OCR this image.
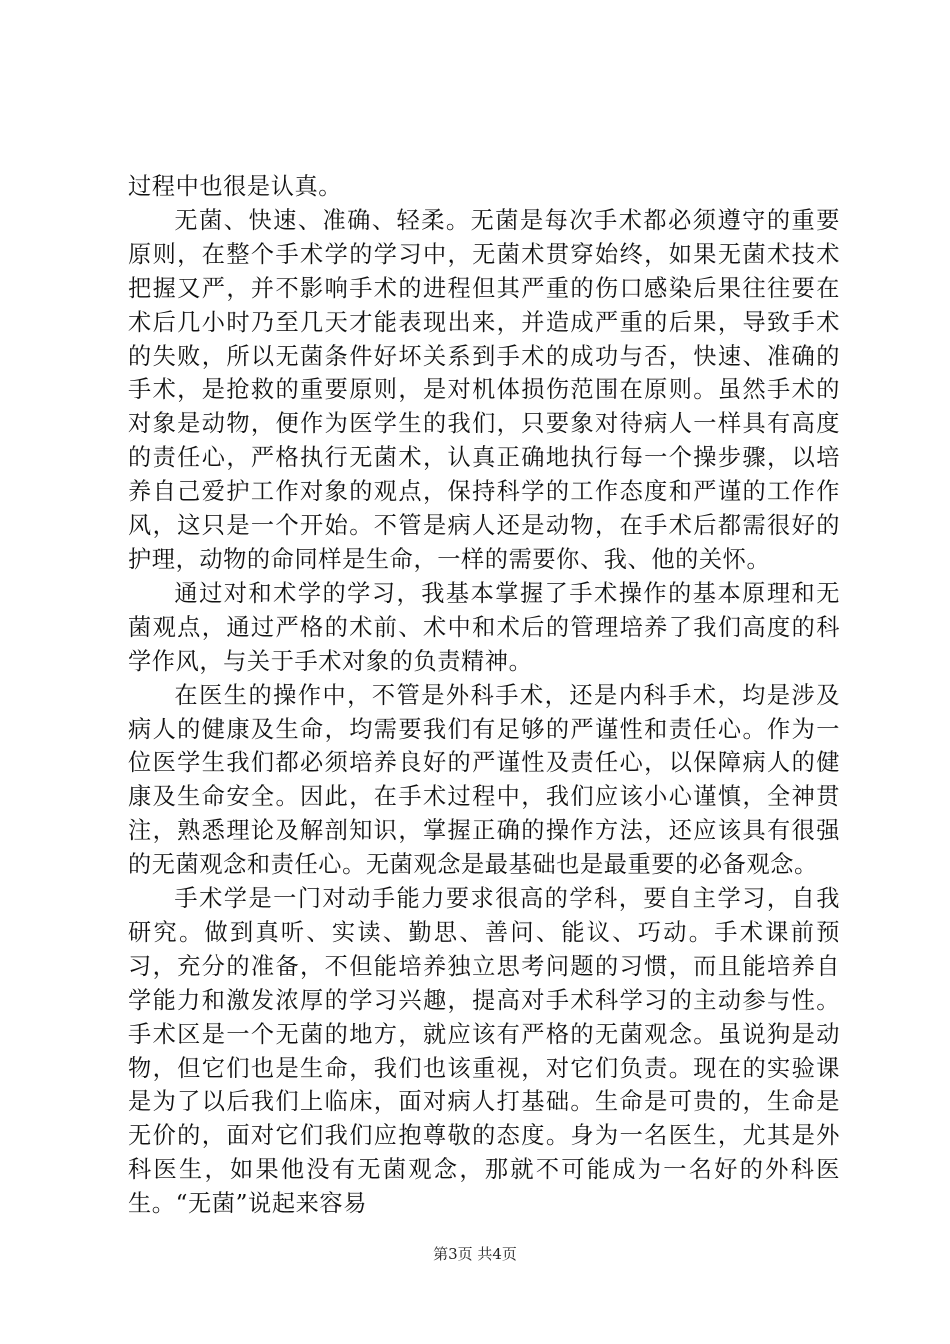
过程中也很是认真。

无菌、快速、准确、轻柔。无菌是每次手术都必须遵守的重要原则，在整个手术学的学习中，无菌术贯穿始终，如果无菌术技术把握又严，并不影响手术的进程但其严重的伤口感染后果往往要在术后几小时乃至几天才能表现出来，并造成严重的后果，导致手术的失败，所以无菌条件好坏关系到手术的成功与否，快速、准确的手术，是抢救的重要原则，是对机体损伤范围在原则。虽然手术的对象是动物，便作为医学生的我们，只要象对待病人一样具有高度的责任心，严格执行无菌术，认真正确地执行每一个操步骤，以培养自己爱护工作对象的观点，保持科学的工作态度和严谨的工作作风，这只是一个开始。不管是病人还是动物，在手术后都需很好的护理，动物的命同样是生命，一样的需要你、我、他的关怀。

通过对和术学的学习，我基本掌握了手术操作的基本原理和无菌观点，通过严格的术前、术中和术后的管理培养了我们高度的科学作风，与关于手术对象的负责精神。

在医生的操作中，不管是外科手术，还是内科手术，均是涉及病人的健康及生命，均需要我们有足够的严谨性和责任心。作为一位医学生我们都必须培养良好的严谨性及责任心，以保障病人的健康及生命安全。因此，在手术过程中，我们应该小心谨慎，全神贯注，熟悉理论及解剖知识，掌握正确的操作方法，还应该具有很强的无菌观念和责任心。无菌观念是最基础也是最重要的必备观念。

手术学是一门对动手能力要求很高的学科，要自主学习，自我研究。做到真听、实读、勤思、善问、能议、巧动。手术课前预习，充分的准备，不但能培养独立思考问题的习惯，而且能培养自学能力和激发浓厚的学习兴趣，提高对手术科学习的主动参与性。手术区是一个无菌的地方，就应该有严格的无菌观念。虽说狗是动物，但它们也是生命，我们也该重视，对它们负责。现在的实验课是为了以后我们上临床，面对病人打基础。生命是可贵的，生命是无价的，面对它们我们应抱尊敬的态度。身为一名医生，尤其是外科医生，如果他没有无菌观念，那就不可能成为一名好的外科医生。“无菌”说起来容易

第3页 共4页
